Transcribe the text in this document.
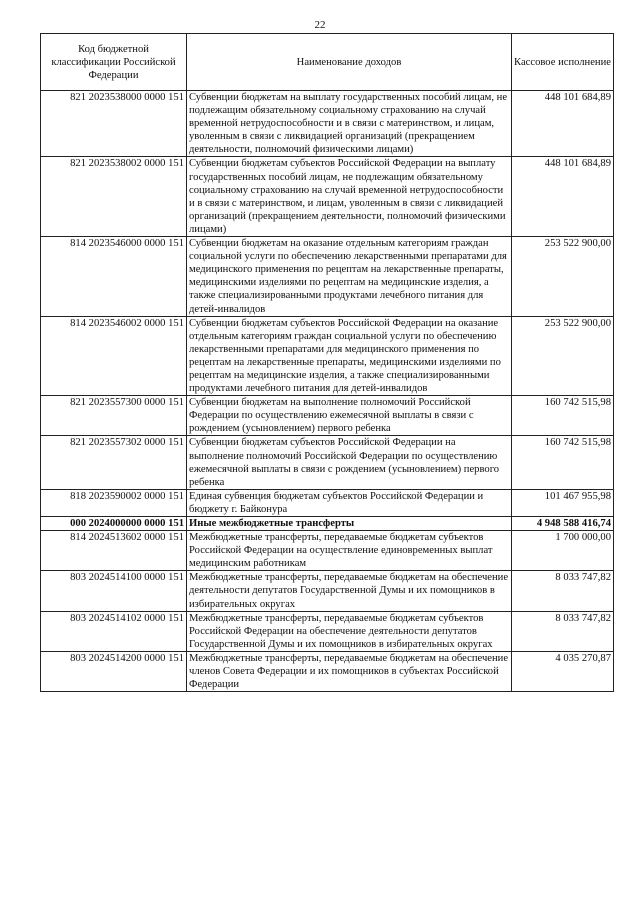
22
Код бюджетной классификации Российской Федерации	Наименование доходов	Кассовое исполнение
821 2023538000 0000 151	Субвенции бюджетам на выплату государственных пособий лицам, не подлежащим обязательному социальному страхованию на случай временной нетрудоспособности и в связи с материнством, и лицам, уволенным в связи с ликвидацией организаций (прекращением деятельности, полномочий физическими лицами)	448 101 684,89
821 2023538002 0000 151	Субвенции бюджетам субъектов Российской Федерации на выплату государственных пособий лицам, не подлежащим обязательному социальному страхованию на случай временной нетрудоспособности и в связи с материнством, и лицам, уволенным в связи с ликвидацией организаций (прекращением деятельности, полномочий физическими лицами)	448 101 684,89
814 2023546000 0000 151	Субвенции бюджетам на оказание отдельным категориям граждан социальной услуги по обеспечению лекарственными препаратами для медицинского применения по рецептам на лекарственные препараты, медицинскими изделиями по рецептам на медицинские изделия, а также специализированными продуктами лечебного питания для детей-инвалидов	253 522 900,00
814 2023546002 0000 151	Субвенции бюджетам субъектов Российской Федерации на оказание отдельным категориям граждан социальной услуги по обеспечению лекарственными препаратами для медицинского применения по рецептам на лекарственные препараты, медицинскими изделиями по рецептам на медицинские изделия, а также специализированными продуктами лечебного питания для детей-инвалидов	253 522 900,00
821 2023557300 0000 151	Субвенции бюджетам на выполнение полномочий Российской Федерации по осуществлению ежемесячной выплаты в связи с рождением (усыновлением) первого ребенка	160 742 515,98
821 2023557302 0000 151	Субвенции бюджетам субъектов Российской Федерации на выполнение полномочий Российской Федерации по осуществлению ежемесячной выплаты в связи с рождением (усыновлением) первого ребенка	160 742 515,98
818 2023590002 0000 151	Единая субвенция бюджетам субъектов Российской Федерации и бюджету г. Байконура	101 467 955,98
000 2024000000 0000 151	Иные межбюджетные трансферты	4 948 588 416,74
814 2024513602 0000 151	Межбюджетные трансферты, передаваемые бюджетам субъектов Российской Федерации на осуществление единовременных выплат медицинским работникам	1 700 000,00
803 2024514100 0000 151	Межбюджетные трансферты, передаваемые бюджетам на обеспечение деятельности депутатов Государственной Думы и их помощников в избирательных округах	8 033 747,82
803 2024514102 0000 151	Межбюджетные трансферты, передаваемые бюджетам субъектов Российской Федерации на обеспечение деятельности депутатов Государственной Думы и их помощников в избирательных округах	8 033 747,82
803 2024514200 0000 151	Межбюджетные трансферты, передаваемые бюджетам на обеспечение членов Совета Федерации и их помощников в субъектах Российской Федерации	4 035 270,87
